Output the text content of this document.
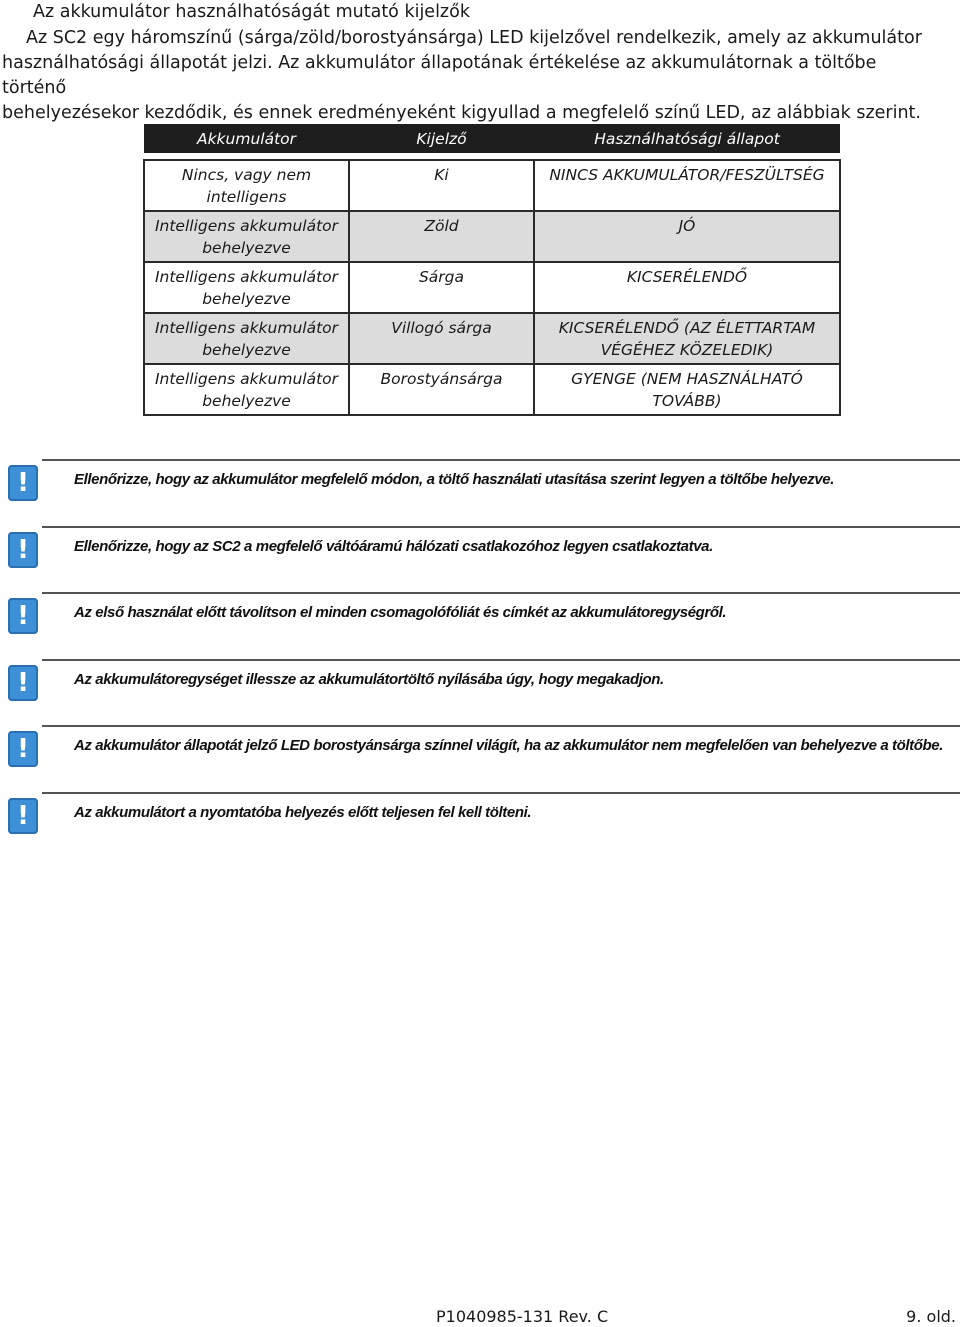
Az akkumulátor használhatóságát mutató kijelzők
Az SC2 egy háromszínű (sárga/zöld/borostyánsárga) LED kijelzővel rendelkezik, amely az akkumulátor
használhatósági állapotát jelzi. Az akkumulátor állapotának értékelése az akkumulátornak a töltőbe történő
behelyezésekor kezdődik, és ennek eredményeként kigyullad a megfelelő színű LED, az alábbiak szerint.
Akkumulátor	Kijelző	Használhatósági állapot

Nincs, vagy nem intelligens	Ki	NINCS AKKUMULÁTOR/FESZÜLTSÉG
Intelligens akkumulátor behelyezve	Zöld	JÓ
Intelligens akkumulátor behelyezve	Sárga	KICSERÉLENDŐ
Intelligens akkumulátor behelyezve	Villogó sárga	KICSERÉLENDŐ (AZ ÉLETTARTAM VÉGÉHEZ KÖZELEDIK)
Intelligens akkumulátor behelyezve	Borostyánsárga	GYENGE (NEM HASZNÁLHATÓ TOVÁBB)
!	Ellenőrizze, hogy az akkumulátor megfelelő módon, a töltő használati utasítása szerint legyen a töltőbe helyezve.
!	Ellenőrizze, hogy az SC2 a megfelelő váltóáramú hálózati csatlakozóhoz legyen csatlakoztatva.
!	Az első használat előtt távolítson el minden csomagolófóliát és címkét az akkumulátoregységről.
!	Az akkumulátoregységet illessze az akkumulátortöltő nyílásába úgy, hogy megakadjon.
!	Az akkumulátor állapotát jelző LED borostyánsárga színnel világít, ha az akkumulátor nem megfelelően van behelyezve a töltőbe.
!	Az akkumulátort a nyomtatóba helyezés előtt teljesen fel kell tölteni.
P1040985-131 Rev. C	9. old.
